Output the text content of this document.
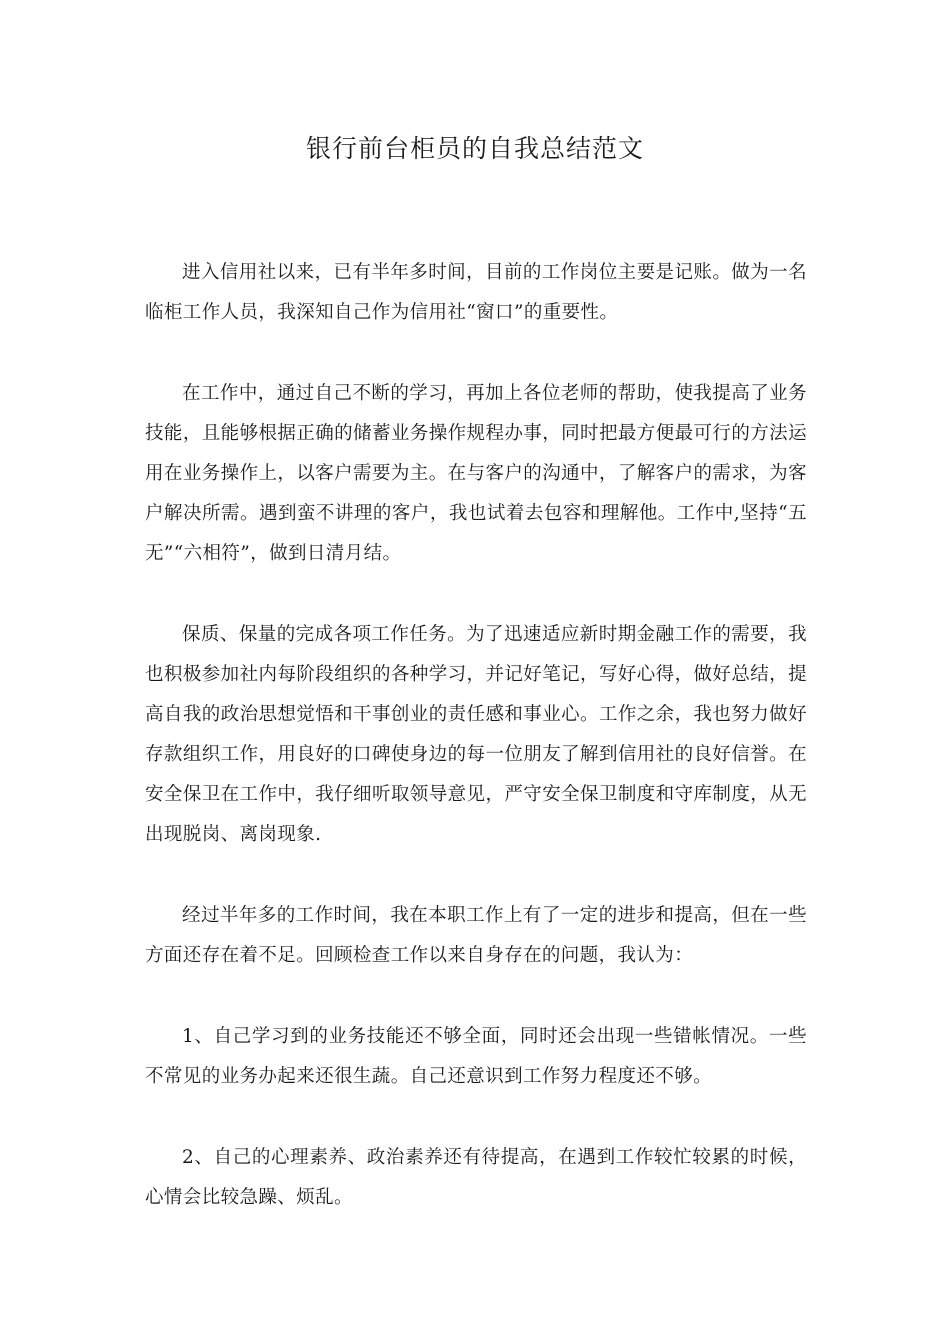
银行前台柜员的自我总结范文

进入信用社以来，已有半年多时间，目前的工作岗位主要是记账。做为一名临柜工作人员，我深知自己作为信用社“窗口”的重要性。

在工作中，通过自己不断的学习，再加上各位老师的帮助，使我提高了业务技能，且能够根据正确的储蓄业务操作规程办事，同时把最方便最可行的方法运用在业务操作上，以客户需要为主。在与客户的沟通中，了解客户的需求，为客户解决所需。遇到蛮不讲理的客户，我也试着去包容和理解他。工作中,坚持“五无”“六相符”，做到日清月结。

保质、保量的完成各项工作任务。为了迅速适应新时期金融工作的需要，我也积极参加社内每阶段组织的各种学习，并记好笔记，写好心得，做好总结，提高自我的政治思想觉悟和干事创业的责任感和事业心。工作之余，我也努力做好存款组织工作，用良好的口碑使身边的每一位朋友了解到信用社的良好信誉。在安全保卫在工作中，我仔细听取领导意见，严守安全保卫制度和守库制度，从无出现脱岗、离岗现象.

经过半年多的工作时间，我在本职工作上有了一定的进步和提高，但在一些方面还存在着不足。回顾检查工作以来自身存在的问题，我认为：

1、自己学习到的业务技能还不够全面，同时还会出现一些错帐情况。一些不常见的业务办起来还很生蔬。自己还意识到工作努力程度还不够。

2、自己的心理素养、政治素养还有待提高，在遇到工作较忙较累的时候，心情会比较急躁、烦乱。
